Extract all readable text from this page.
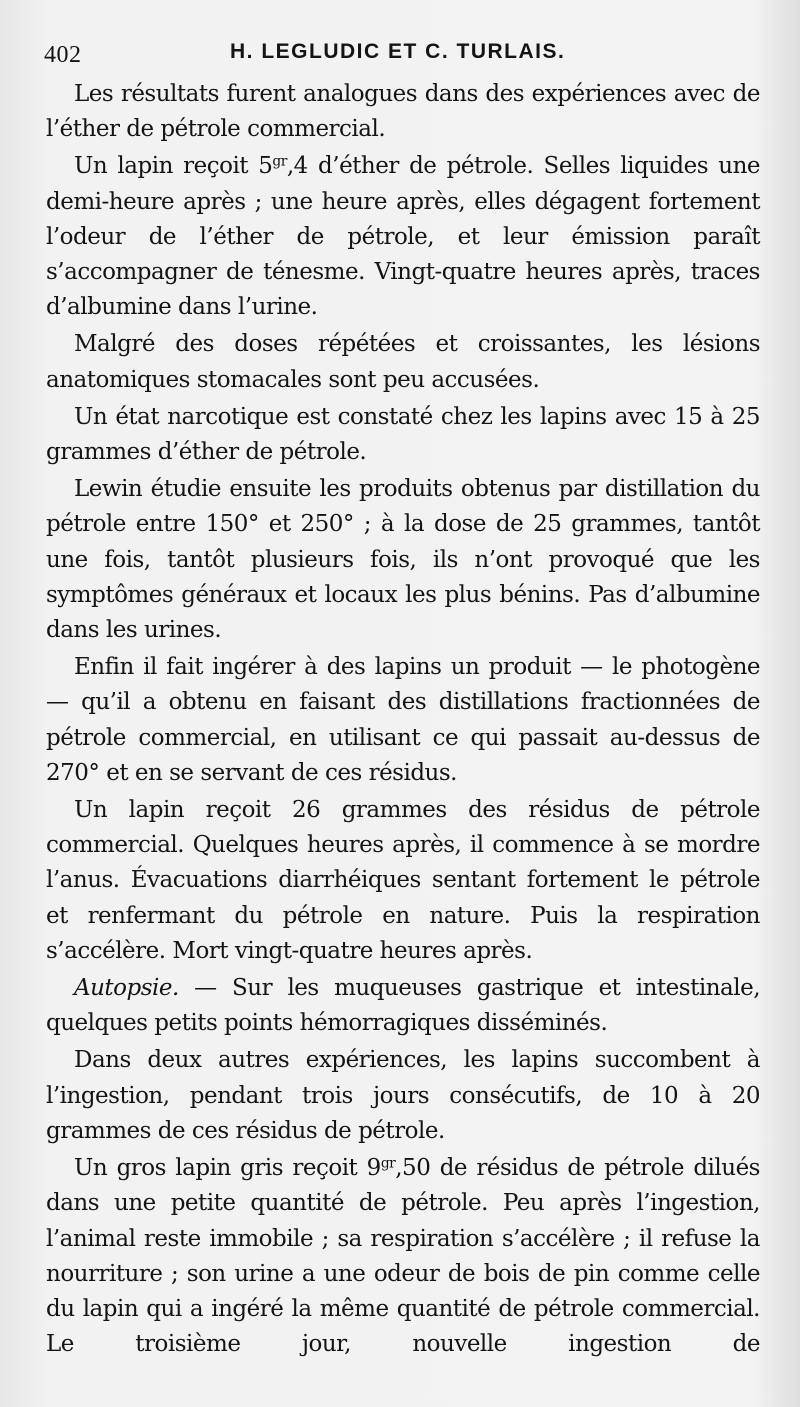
402	H. LEGLUDIC ET C. TURLAIS.

Les résultats furent analogues dans des expériences avec de l’éther de pétrole commercial.

Un lapin reçoit $5^{gr},4$ d’éther de pétrole. Selles liquides une demi-heure après ; une heure après, elles dégagent fortement l’odeur de l’éther de pétrole, et leur émission paraît s’accompagner de ténesme. Vingt-quatre heures après, traces d’albumine dans l’urine.

Malgré des doses répétées et croissantes, les lésions anatomiques stomacales sont peu accusées.

Un état narcotique est constaté chez les lapins avec 15 à 25 grammes d’éther de pétrole.

Lewin étudie ensuite les produits obtenus par distillation du pétrole entre 150° et 250° ; à la dose de 25 grammes, tantôt une fois, tantôt plusieurs fois, ils n’ont provoqué que les symptômes généraux et locaux les plus bénins. Pas d’albumine dans les urines.

Enfin il fait ingérer à des lapins un produit — le photogène — qu’il a obtenu en faisant des distillations fractionnées de pétrole commercial, en utilisant ce qui passait au-dessus de 270° et en se servant de ces résidus.

Un lapin reçoit 26 grammes des résidus de pétrole commercial. Quelques heures après, il commence à se mordre l’anus. Évacuations diarrhéiques sentant fortement le pétrole et renfermant du pétrole en nature. Puis la respiration s’accélère. Mort vingt-quatre heures après.

Autopsie. — Sur les muqueuses gastrique et intestinale, quelques petits points hémorragiques disséminés.

Dans deux autres expériences, les lapins succombent à l’ingestion, pendant trois jours consécutifs, de 10 à 20 grammes de ces résidus de pétrole.

Un gros lapin gris reçoit $9^{gr},50$ de résidus de pétrole dilués dans une petite quantité de pétrole. Peu après l’ingestion, l’animal reste immobile ; sa respiration s’accélère ; il refuse la nourriture ; son urine a une odeur de bois de pin comme celle du lapin qui a ingéré la même quantité de pétrole commercial. Le troisième jour, nouvelle ingestion de
